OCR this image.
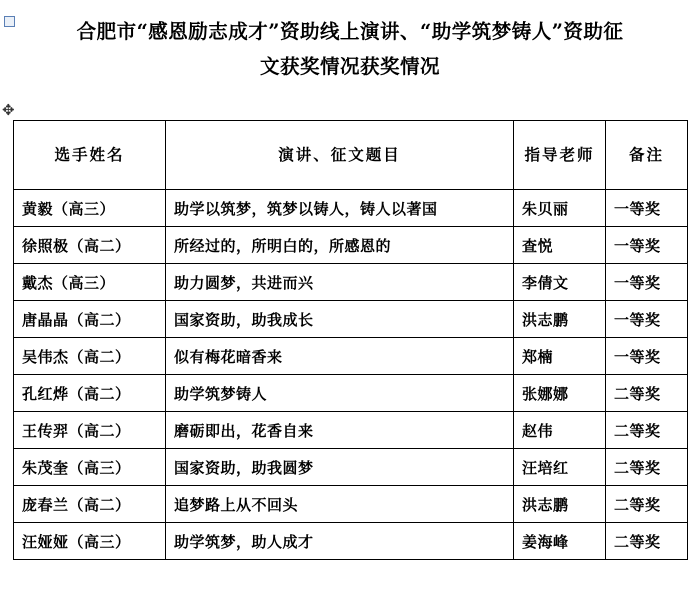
✥
合肥市“感恩励志成才”资助线上演讲、“助学筑梦铸人”资助征文获奖情况获奖情况
选手姓名	演讲、征文题目	指导老师	备注
黄毅（高三）	助学以筑梦，筑梦以铸人，铸人以著国	朱贝丽	一等奖
徐照极（高二）	所经过的，所明白的，所感恩的	查悦	一等奖
戴杰（高三）	助力圆梦，共进而兴	李倩文	一等奖
唐晶晶（高二）	国家资助，助我成长	洪志鹏	一等奖
吴伟杰（高二）	似有梅花暗香来	郑楠	一等奖
孔红烨（高二）	助学筑梦铸人	张娜娜	二等奖
王传羿（高二）	磨砺即出，花香自来	赵伟	二等奖
朱茂奎（高三）	国家资助，助我圆梦	汪培红	二等奖
庞春兰（高二）	追梦路上从不回头	洪志鹏	二等奖
汪娅娅（高三）	助学筑梦，助人成才	姜海峰	二等奖
